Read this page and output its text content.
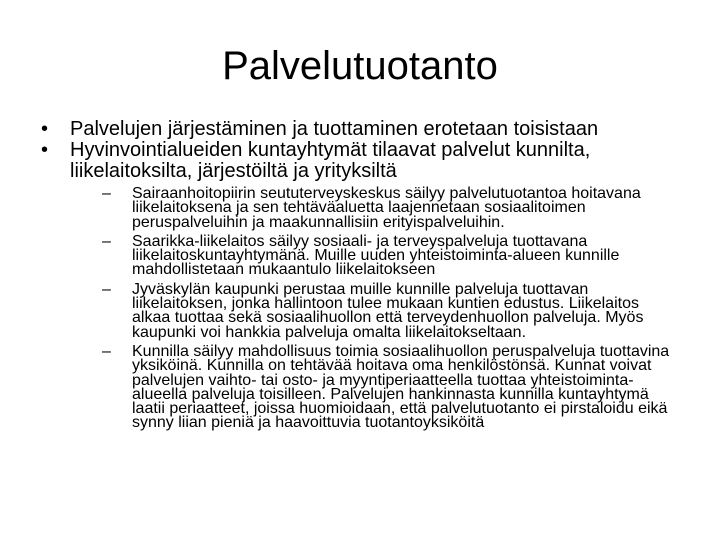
Palvelutuotanto
• Palvelujen järjestäminen ja tuottaminen erotetaan toisistaan
• Hyvinvointialueiden kuntayhtymät tilaavat palvelut kunnilta, liikelaitoksilta, järjestöiltä ja yrityksiltä
– Sairaanhoitopiirin seututerveyskeskus säilyy palvelutuotantoa hoitavana liikelaitoksena ja sen tehtäväaluetta laajennetaan sosiaalitoimen peruspalveluihin ja maakunnallisiin erityispalveluihin.
– Saarikka-liikelaitos säilyy sosiaali- ja terveyspalveluja tuottavana liikelaitoskuntayhtymänä. Muille uuden yhteistoiminta-alueen kunnille mahdollistetaan mukaantulo liikelaitokseen
– Jyväskylän kaupunki perustaa muille kunnille palveluja tuottavan liikelaitoksen, jonka hallintoon tulee mukaan kuntien edustus. Liikelaitos alkaa tuottaa sekä sosiaalihuollon että terveydenhuollon palveluja. Myös kaupunki voi hankkia palveluja omalta liikelaitokseltaan.
– Kunnilla säilyy mahdollisuus toimia sosiaalihuollon peruspalveluja tuottavina yksiköinä. Kunnilla on tehtävää hoitava oma henkilöstönsä. Kunnat voivat palvelujen vaihto- tai osto- ja myyntiperiaatteella tuottaa yhteistoiminta-alueella palveluja toisilleen. Palvelujen hankinnasta kunnilla kuntayhtymä laatii periaatteet, joissa huomioidaan, että palvelutuotanto ei pirstaloidu eikä synny liian pieniä ja haavoittuvia tuotantoyksiköitä
